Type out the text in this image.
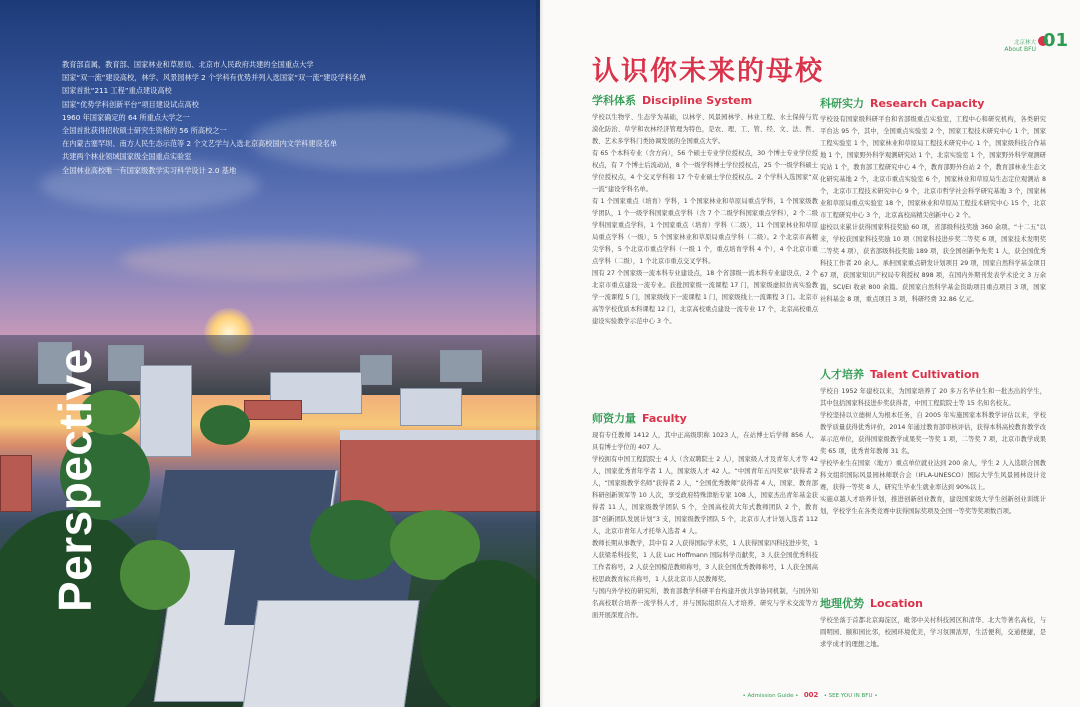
教育部直属，教育部、国家林业和草原局、北京市人民政府共建的全国重点大学
国家“双一流”建设高校，林学、风景园林学 2 个学科有优势并列入选国家“双一流”建设学科名单
国家首批“211 工程”重点建设高校
国家“优势学科创新平台”项目建设试点高校
1960 年国家确定的 64 所重点大学之一
全国首批获得招收硕士研究生资格的 56 所高校之一
在内蒙古塞罕坝、南方人民生态示范等 2 个文艺学与入选北京高校国内文学科建设名单
共建两个林业领域国家级全国重点实验室
全国林业高校唯一有国家级教学实习科学设计 2.0 基地
Perspective
北京林大
About BFU 01
认识你未来的母校
学科体系 Discipline System

学校以生物学、生态学为基础，以林学、风景园林学、林业工程、水土保持与荒漠化防治、草学和农林经济管理为特色，是农、理、工、管、经、文、法、哲、教、艺术多学科门类协调发展的全国重点大学。

有 65 个本科专业（含方向），56 个硕士专业学位授权点，30 个博士专业学位授权点，有 7 个博士后流动站，8 个一级学科博士学位授权点，25 个一级学科硕士学位授权点，4 个交叉学科和 17 个专业硕士学位授权点。2 个学科入选国家“双一流”建设学科名单。

有 1 个国家重点（培育）学科，1 个国家林业和草原局重点学科，1 个国家级教学团队，1 个一级学科国家重点学科（含 7 个二级学科国家重点学科），2 个二级学科国家重点学科，1 个国家重点（培育）学科（二级），11 个国家林业和草原局重点学科（一级），5 个国家林业和草原局重点学科（二级）。2 个北京市高精尖学科，5 个北京市重点学科（一级 1 个，重点培育学科 4 个），4 个北京市重点学科（二级），1 个北京市重点交叉学科。

国有 27 个国家级一流本科专业建设点，18 个省部级一流本科专业建设点，2 个北京市重点建设一流专业。获批国家级一流课程 17 门，国家级虚拟仿真实验教学一流课程 5 门，国家级线下一流课程 1 门，国家级线上一流课程 3 门。北京市高等学校优质本科课程 12 门，北京高校重点建设一流专业 17 个，北京高校重点建设实验教学示范中心 3 个。

师资力量 Faculty

现有专任教师 1412 人，其中正高级职称 1023 人，在站博士后学师 856 人，具有博士学位的 407 人。

学校拥有中国工程院院士 4 人（含双聘院士 2 人），国家级人才及青年人才等 42 人，国家优秀青年学者 1 人，国家级人才 42 人。“中国青年五四奖章”获得者 2 人，“国家级教学名师”获得者 2 人，“全国优秀教师”获得者 4 人，国家、教育部科研创新领军等 10 人次，享受政府特殊津贴专家 108 人，国家杰出青年基金获得者 11 人，国家级教学团队 5 个，全国高校黄大年式教师团队 2 个，教育部“创新团队发展计划”3 支，国家级教学团队 5 个，北京市人才计划入选者 112 人，北京市青年人才托举入选者 4 人。

教师长期从事教学，其中有 2 人获得国际学术奖，1 人获得国家四科技进步奖，1 人获梁希科技奖，1 人获 Luc Hoffmann 国际科学贡献奖，3 人获全国优秀科技工作者称号，2 人获全国模范教师称号，3 人获全国优秀教师称号，1 人获全国高校思政教育标兵称号，1 人获北京市人民教师奖。

与国内外学校的研究所，教育部教学科研平台构建开放共享协同机制，与国外知名高校联合培养一流学科人才，并与国际组织在人才培养、研究与学术交流等方面开展深度合作。

科研实力 Research Capacity

学校设有国家级科研平台和省部级重点实验室，工程中心和研究机构，各类研究平台达 95 个，其中，全国重点实验室 2 个，国家工程技术研究中心 1 个，国家工程实验室 1 个，国家林业和草原局工程技术研究中心 1 个，国家级科技合作基地 1 个，国家野外科学观测研究站 1 个，北京实验室 1 个，国家野外科学观测研究站 1 个，教育部工程研究中心 4 个，教育部野外台站 2 个，教育部林业生态文化研究基地 2 个，北京市重点实验室 6 个，国家林业和草原局生态定位观测站 8 个，北京市工程技术研究中心 9 个，北京市哲学社会科学研究基地 3 个，国家林业和草原局重点实验室 18 个，国家林业和草原局工程技术研究中心 15 个，北京市工程研究中心 3 个，北京高校高精尖创新中心 2 个。

建校以来累计获得国家科技奖励 60 项，省部级科技奖励 360 余项。“十二五”以来，学校获国家科技奖励 10 项（国家科技进步奖二等奖 6 项，国家技术发明奖二等奖 4 项），获省部级科技奖励 189 项，获全国创新争先奖 1 人，获全国优秀科技工作者 20 余人。承担国家重点研发计划项目 29 项，国家自然科学基金项目 67 项，获国家知识产权局专利授权 898 项，在国内外期刊发表学术论文 3 万余篇，SCI/EI 收录 800 余篇。获国家自然科学基金资助项目重点项目 3 项，国家社科基金 8 项，重点项目 3 项，科研经费 32.86 亿元。

人才培养 Talent Cultivation

学校自 1952 年建校以来，为国家培养了 20 多万名毕业生和一批杰出的学生，其中包括国家科技进步奖获得者，中国工程院院士等 15 名知名校友。

学校坚持以立德树人为根本任务，自 2005 年实施国家本科教学评估以来，学校教学质量获得优秀评价，2014 年通过教育部审核评估，获得本科高校教育教学改革示范单位，获得国家级教学成果奖一等奖 1 项，二等奖 7 项，北京市教学成果奖 65 项，优秀青年教师 31 名。

学校毕业生在国家（地方）重点单位就业达到 200 余人，学生 2 人入选联合国教科文组织国际风景园林师联合会（IFLA-UNESCO）国际大学生风景园林设计竞赛，获得一等奖 8 人，研究生毕业生就业率达到 90%以上。

实施卓越人才培养计划，推进创新创业教育，建设国家级大学生创新创业训练计划，学校学生在各类竞赛中获得国际奖项及全国一等奖等奖项数百项。

地理优势 Location

学校坐落于首都北京海淀区，毗邻中关村科技园区和清华、北大等著名高校，与圆明园、颐和园比邻，校园环境优美，学习氛围浓厚，生活便利，交通便捷，是求学成才的理想之地。

• Admission Guide • 002 • SEE YOU IN BFU •
